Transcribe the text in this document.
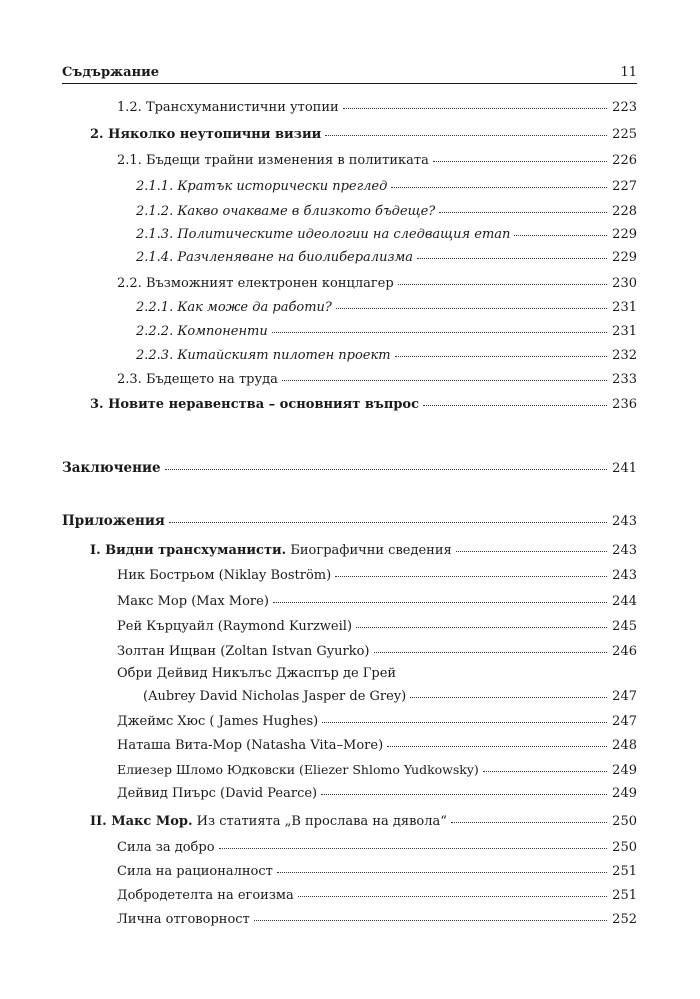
Съдържание	11
1.2. Трансхуманистични утопии	223
2. Няколко неутопични визии	225
2.1. Бъдещи трайни изменения в политиката	226
2.1.1. Кратък исторически преглед	227
2.1.2. Какво очакваме в близкото бъдеще?	228
2.1.3. Политическите идеологии на следващия етап	229
2.1.4. Разчленяване на биолиберализма	229
2.2. Възможният електронен концлагер	230
2.2.1. Как може да работи?	231
2.2.2. Компоненти	231
2.2.3. Китайският пилотен проект	232
2.3. Бъдещето на труда	233
3. Новите неравенства – основният въпрос	236
Заключение	241
Приложения	243
I. Видни трансхуманисти. Биографични сведения	243
Ник Бострьом (Niklay Boström)	243
Макс Мор (Max More)	244
Рей Кърцуайл (Raymond Kurzweil)	245
Золтан Ищван (Zoltan Istvan Gyurko)	246
Обри Дейвид Никълъс Джаспър де Грей
(Aubrey David Nicholas Jasper de Grey)	247
Джеймс Хюс ( James Hughes)	247
Наташа Вита-Мор (Natasha Vita–More)	248
Елиезер Шломо Юдковски (Eliezer Shlomo Yudkowsky)	249
Дейвид Пиърс (David Pearce)	249
II. Макс Мор. Из статията „В прослава на дявола“	250
Сила за добро	250
Сила на рационалност	251
Добродетелта на егоизма	251
Лична отговорност	252
